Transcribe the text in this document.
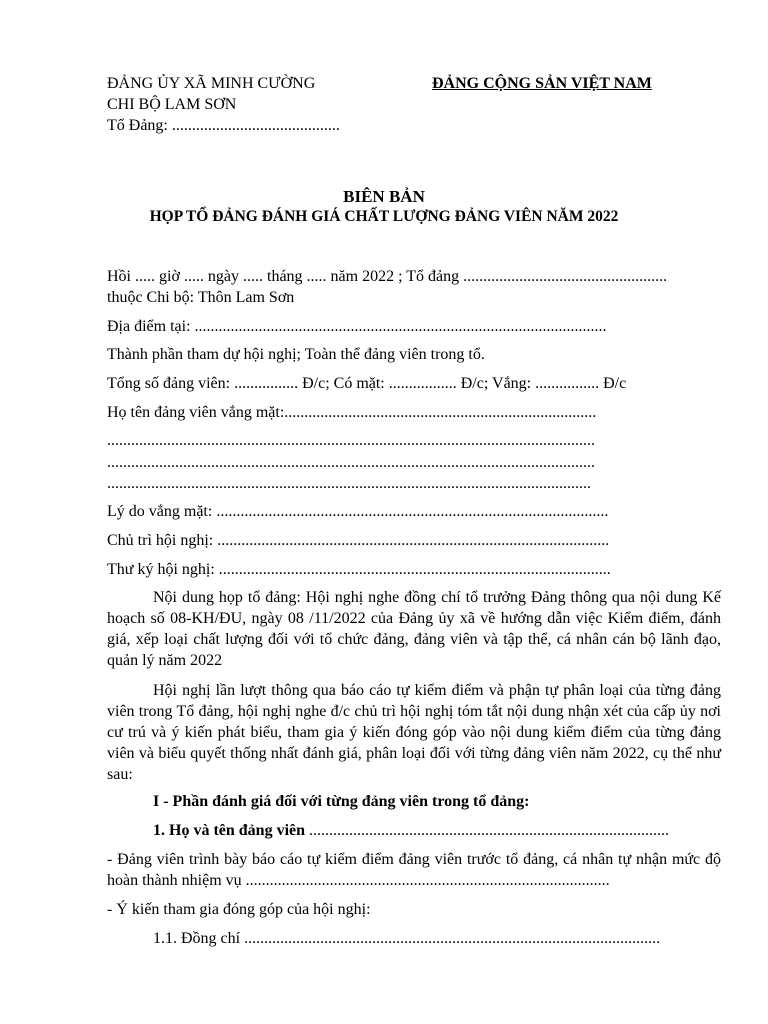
ĐẢNG ỦY XÃ MINH CƯỜNG
CHI BỘ LAM SƠN
Tổ Đảng: ..........................................
ĐẢNG CỘNG SẢN VIỆT NAM
BIÊN BẢN
HỌP TỔ ĐẢNG ĐÁNH GIÁ CHẤT LƯỢNG ĐẢNG VIÊN NĂM 2022
Hồi ..... giờ ..... ngày ..... tháng ..... năm 2022 ; Tổ đảng ...................................................
thuộc Chi bộ: Thôn Lam Sơn
Địa điểm tại: .......................................................................................................
Thành phần tham dự hội nghị; Toàn thể đảng viên trong tổ.
Tổng số đảng viên: ................ Đ/c; Có mặt: ................. Đ/c; Vắng: ................ Đ/c
Họ tên đảng viên vắng mặt:..............................................................................
..........................................................................................................................
..........................................................................................................................
.........................................................................................................................
Lý do vắng mặt: ..................................................................................................
Chủ trì hội nghị: ..................................................................................................
Thư ký hội nghị: ..................................................................................................
Nội dung họp tổ đảng: Hội nghị nghe đồng chí tổ trưởng Đảng thông qua nội dung Kế hoạch số 08-KH/ĐU, ngày 08 /11/2022 của Đảng ủy xã về hướng dẫn việc Kiểm điểm, đánh giá, xếp loại chất lượng đối với tổ chức đảng, đảng viên và tập thể, cá nhân cán bộ lãnh đạo, quản lý năm 2022
Hội nghị lần lượt thông qua báo cáo tự kiểm điểm và phận tự phân loại của từng đảng viên trong Tổ đảng, hội nghị nghe đ/c chủ trì hội nghị tóm tắt nội dung nhận xét của cấp ủy nơi cư trú và ý kiến phát biểu, tham gia ý kiến đóng góp vào nội dung kiểm điểm của từng đảng viên và biểu quyết thống nhất đánh giá, phân loại đối với từng đảng viên năm 2022, cụ thể như sau:
I - Phần đánh giá đối với từng đảng viên trong tổ đảng:
1. Họ và tên đảng viên ..........................................................................................
- Đảng viên trình bày báo cáo tự kiểm điểm đảng viên trước tổ đảng, cá nhân tự nhận mức độ hoàn thành nhiệm vụ ...........................................................................................
- Ý kiến tham gia đóng góp của hội nghị:
1.1. Đồng chí ........................................................................................................
